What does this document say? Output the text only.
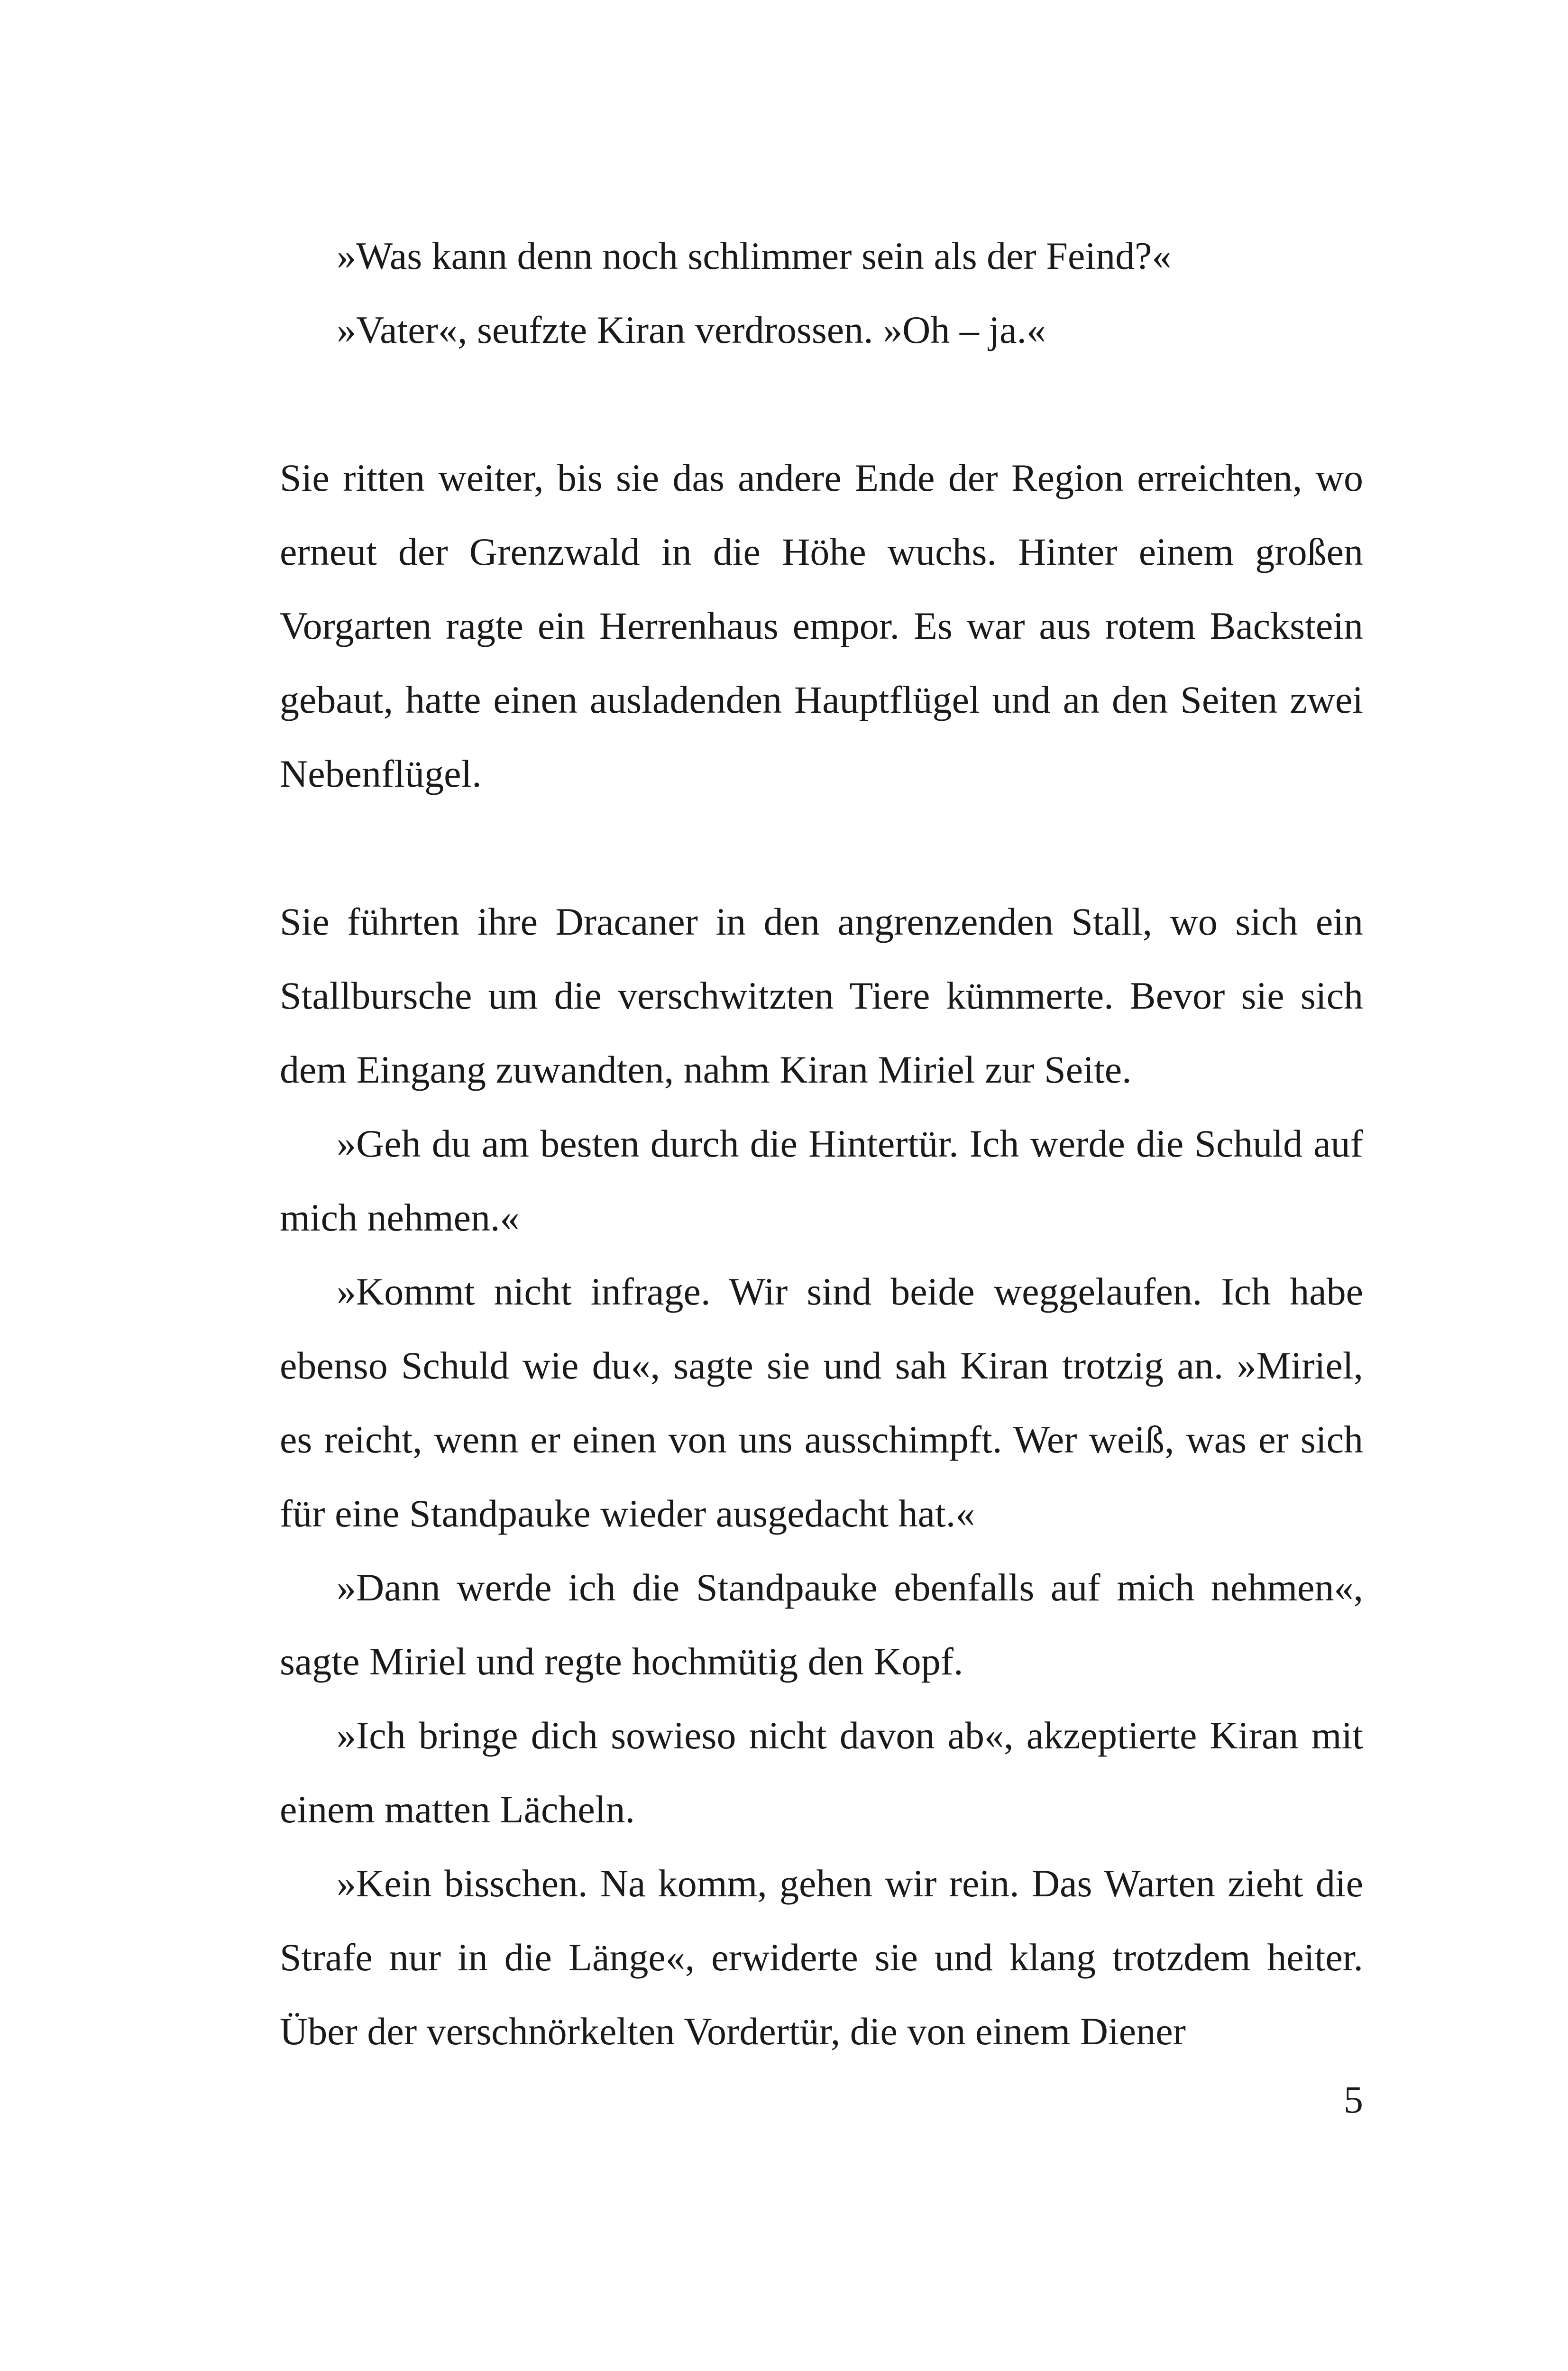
»Was kann denn noch schlimmer sein als der Feind?«

»Vater«, seufzte Kiran verdrossen. »Oh – ja.«

Sie ritten weiter, bis sie das andere Ende der Region erreichten, wo erneut der Grenzwald in die Höhe wuchs. Hinter einem großen Vorgarten ragte ein Herrenhaus empor. Es war aus rotem Backstein gebaut, hatte einen ausladenden Hauptflügel und an den Seiten zwei Nebenflügel.

Sie führten ihre Dracaner in den angrenzenden Stall, wo sich ein Stallbursche um die verschwitzten Tiere kümmerte. Bevor sie sich dem Eingang zuwandten, nahm Kiran Miriel zur Seite.

»Geh du am besten durch die Hintertür. Ich werde die Schuld auf mich nehmen.«

»Kommt nicht infrage. Wir sind beide weggelaufen. Ich habe ebenso Schuld wie du«, sagte sie und sah Kiran trotzig an. »Miriel, es reicht, wenn er einen von uns ausschimpft. Wer weiß, was er sich für eine Standpauke wieder ausgedacht hat.«

»Dann werde ich die Standpauke ebenfalls auf mich nehmen«, sagte Miriel und regte hochmütig den Kopf.

»Ich bringe dich sowieso nicht davon ab«, akzeptierte Kiran mit einem matten Lächeln.

»Kein bisschen. Na komm, gehen wir rein. Das Warten zieht die Strafe nur in die Länge«, erwiderte sie und klang trotzdem heiter. Über der verschnörkelten Vordertür, die von einem Diener

5
